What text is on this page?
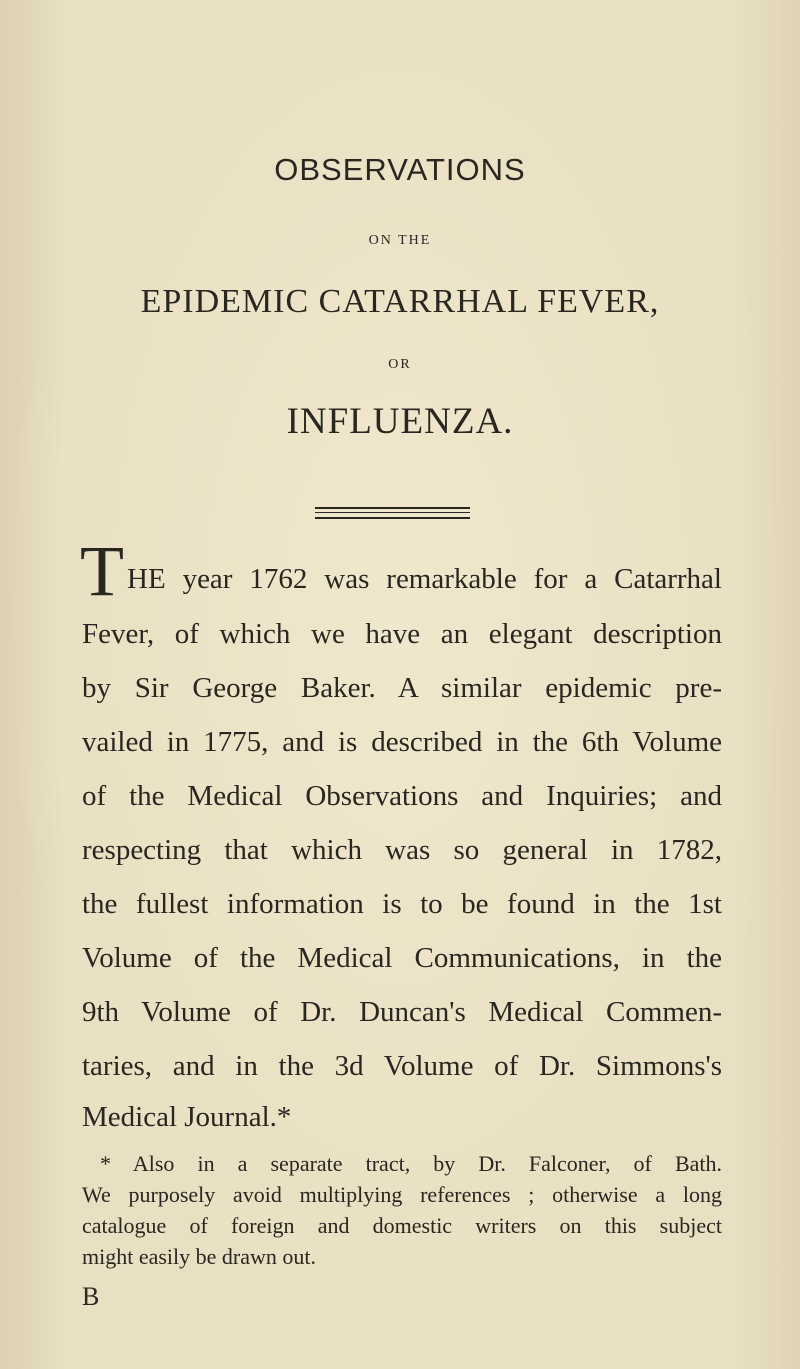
OBSERVATIONS
ON THE
EPIDEMIC CATARRHAL FEVER,
OR
INFLUENZA.
T HE year 1762 was remarkable for a Catarrhal
Fever, of which we have an elegant description
by Sir George Baker. A similar epidemic pre-
vailed in 1775, and is described in the 6th Volume
of the Medical Observations and Inquiries; and
respecting that which was so general in 1782,
the fullest information is to be found in the 1st
Volume of the Medical Communications, in the
9th Volume of Dr. Duncan's Medical Commen-
taries, and in the 3d Volume of Dr. Simmons's
Medical Journal.*
* Also in a separate tract, by Dr. Falconer, of Bath.
We purposely avoid multiplying references ; otherwise a long
catalogue of foreign and domestic writers on this subject
might easily be drawn out.
B
